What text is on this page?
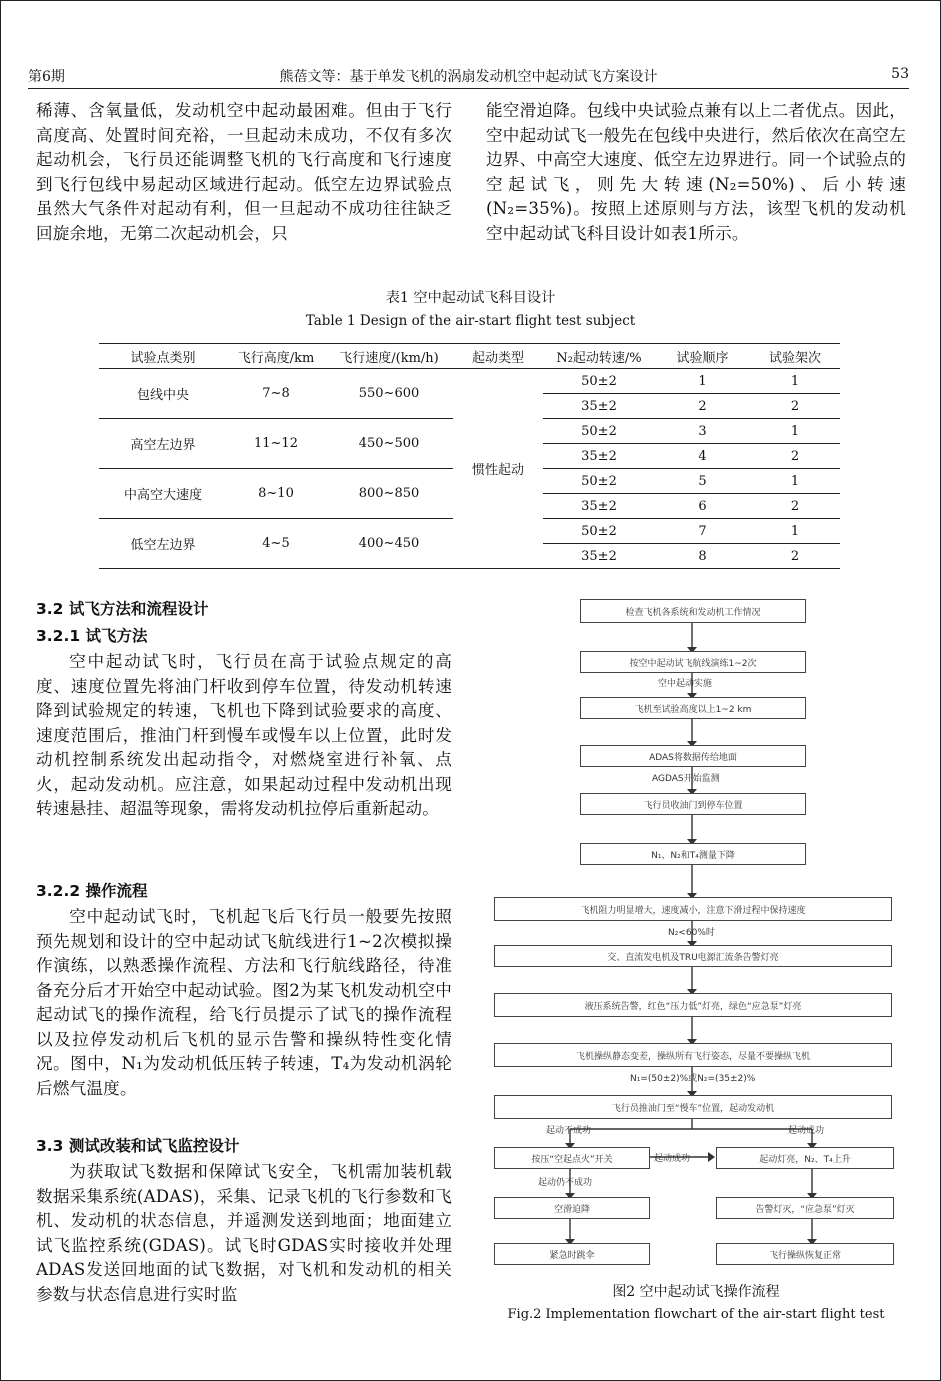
第6期	熊蓓文等：基于单发飞机的涡扇发动机空中起动试飞方案设计	53

稀薄、含氧量低，发动机空中起动最困难。但由于飞行高度高、处置时间充裕，一旦起动未成功，不仅有多次起动机会，飞行员还能调整飞机的飞行高度和飞行速度到飞行包线中易起动区域进行起动。低空左边界试验点虽然大气条件对起动有利，但一旦起动不成功往往缺乏回旋余地，无第二次起动机会，只

能空滑迫降。包线中央试验点兼有以上二者优点。因此，空中起动试飞一般先在包线中央进行，然后依次在高空左边界、中高空大速度、低空左边界进行。同一个试验点的空起试飞，则先大转速(N₂=50%)、后小转速(N₂=35%)。按照上述原则与方法，该型飞机的发动机空中起动试飞科目设计如表1所示。

表1 空中起动试飞科目设计
Table 1 Design of the air-start flight test subject
试验点类别	飞行高度/km	飞行速度/(km/h)	起动类型	N₂起动转速/%	试验顺序	试验架次
包线中央	7~8	550~600	惯性起动	50±2	1	1
				35±2	2	2
高空左边界	11~12	450~500		50±2	3	1
				35±2	4	2
中高空大速度	8~10	800~850		50±2	5	1
				35±2	6	2
低空左边界	4~5	400~450		50±2	7	1
				35±2	8	2
3.2 试飞方法和流程设计
3.2.1 试飞方法

空中起动试飞时，飞行员在高于试验点规定的高度、速度位置先将油门杆收到停车位置，待发动机转速降到试验规定的转速，飞机也下降到试验要求的高度、速度范围后，推油门杆到慢车或慢车以上位置，此时发动机控制系统发出起动指令，对燃烧室进行补氧、点火，起动发动机。应注意，如果起动过程中发动机出现转速悬挂、超温等现象，需将发动机拉停后重新起动。

3.2.2 操作流程

空中起动试飞时，飞机起飞后飞行员一般要先按照预先规划和设计的空中起动试飞航线进行1~2次模拟操作演练，以熟悉操作流程、方法和飞行航线路径，待准备充分后才开始空中起动试验。图2为某飞机发动机空中起动试飞的操作流程，给飞行员提示了试飞的操作流程以及拉停发动机后飞机的显示告警和操纵特性变化情况。图中，N₁为发动机低压转子转速，T₄为发动机涡轮后燃气温度。

3.3 测试改装和试飞监控设计

为获取试飞数据和保障试飞安全，飞机需加装机载数据采集系统(ADAS)，采集、记录飞机的飞行参数和飞机、发动机的状态信息，并遥测发送到地面；地面建立试飞监控系统(GDAS)。试飞时GDAS实时接收并处理ADAS发送回地面的试飞数据，对飞机和发动机的相关参数与状态信息进行实时监

检查飞机各系统和发动机工作情况
按空中起动试飞航线演练1~2次
空中起动实施
飞机至试验高度以上1~2 km
ADAS将数据传给地面
AGDAS开始监测
飞行员收油门到停车位置
N₁、N₂和T₄测量下降
飞机阻力明显增大，速度减小，注意下滑过程中保持速度
N₂<60%时
交、直流发电机及TRU电源汇流条告警灯亮
液压系统告警，红色“压力低”灯亮，绿色“应急泵”灯亮
飞机操纵静态变差，操纵所有飞行姿态，尽量不要操纵飞机
N₁=(50±2)%或N₂=(35±2)%
飞行员推油门至“慢车”位置，起动发动机
起动不成功	起动成功
按压“空起点火”开关	起动成功	起动灯亮，N₂、T₄上升
起动仍不成功
空滑迫降	告警灯灭，“应急泵”灯灭
紧急时跳伞	飞行操纵恢复正常
图2 空中起动试飞操作流程
Fig.2 Implementation flowchart of the air-start flight test
